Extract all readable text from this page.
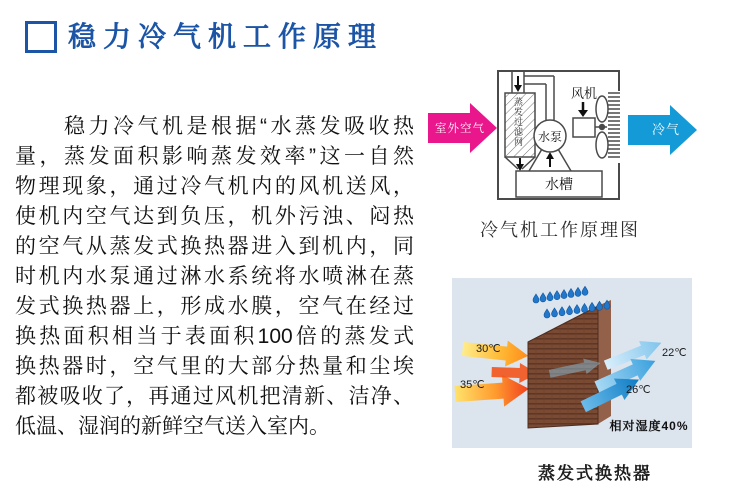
稳力冷气机工作原理
　　稳力冷气机是根据“水蒸发吸收热
量，蒸发面积影响蒸发效率”这一自然
物理现象，通过冷气机内的风机送风，
使机内空气达到负压，机外污浊、闷热
的空气从蒸发式换热器进入到机内，同
时机内水泵通过淋水系统将水喷淋在蒸
发式换热器上，形成水膜，空气在经过
换热面积相当于表面积100倍的蒸发式
换热器时，空气里的大部分热量和尘埃
都被吸收了，再通过风机把清新、洁净、
低温、湿润的新鲜空气送入室内。
水泵
水槽
风机
室外空气	冷气
蒸发过滤网
冷气机工作原理图
30℃
35℃
22℃
26℃
相对湿度40%
蒸发式换热器
